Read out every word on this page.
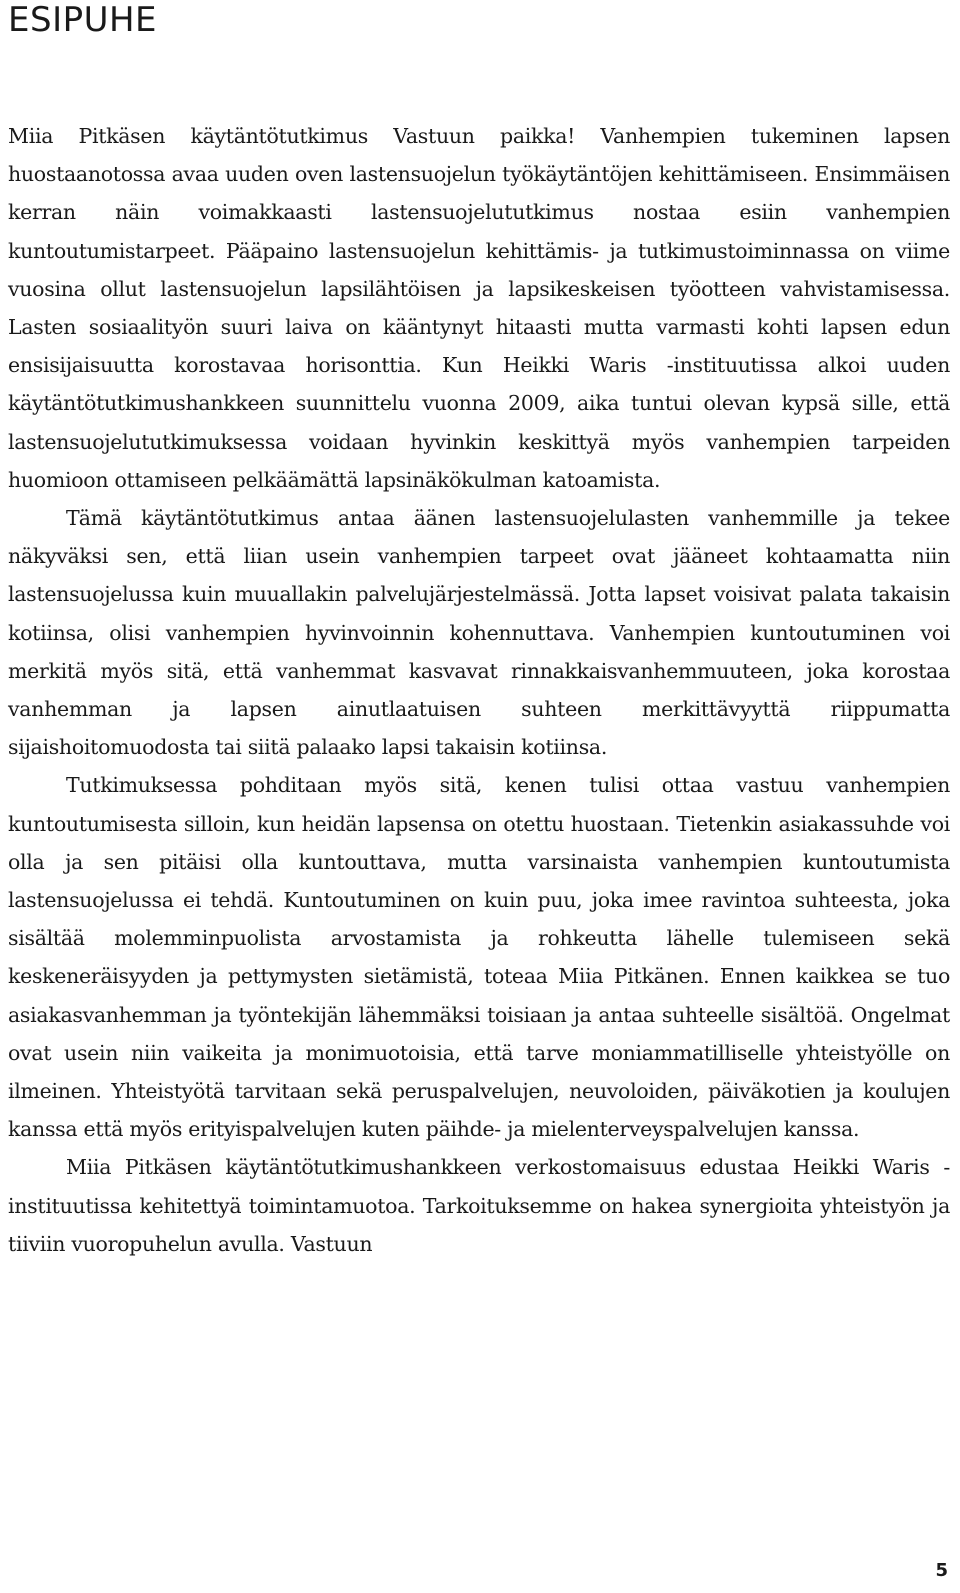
ESIPUHE

Miia Pitkäsen käytäntötutkimus Vastuun paikka! Vanhempien tukeminen lapsen huostaanotossa avaa uuden oven lastensuojelun työkäytäntöjen kehittämiseen. Ensimmäisen kerran näin voimakkaasti lastensuojelututkimus nostaa esiin vanhempien kuntoutumistarpeet. Pääpaino lastensuojelun kehittämis- ja tutkimustoiminnassa on viime vuosina ollut lastensuojelun lapsilähtöisen ja lapsikeskeisen työotteen vahvistamisessa. Lasten sosiaalityön suuri laiva on kääntynyt hitaasti mutta varmasti kohti lapsen edun ensisijaisuutta korostavaa horisonttia. Kun Heikki Waris -instituutissa alkoi uuden käytäntötutkimushankkeen suunnittelu vuonna 2009, aika tuntui olevan kypsä sille, että lastensuojelututkimuksessa voidaan hyvinkin keskittyä myös vanhempien tarpeiden huomioon ottamiseen pelkäämättä lapsinäkökulman katoamista.

Tämä käytäntötutkimus antaa äänen lastensuojelulasten vanhemmille ja tekee näkyväksi sen, että liian usein vanhempien tarpeet ovat jääneet kohtaamatta niin lastensuojelussa kuin muuallakin palvelujärjestelmässä. Jotta lapset voisivat palata takaisin kotiinsa, olisi vanhempien hyvinvoinnin kohennuttava. Vanhempien kuntoutuminen voi merkitä myös sitä, että vanhemmat kasvavat rinnakkaisvanhemmuuteen, joka korostaa vanhemman ja lapsen ainutlaatuisen suhteen merkittävyyttä riippumatta sijaishoitomuodosta tai siitä palaako lapsi takaisin kotiinsa.

Tutkimuksessa pohditaan myös sitä, kenen tulisi ottaa vastuu vanhempien kuntoutumisesta silloin, kun heidän lapsensa on otettu huostaan. Tietenkin asiakassuhde voi olla ja sen pitäisi olla kuntouttava, mutta varsinaista vanhempien kuntoutumista lastensuojelussa ei tehdä. Kuntoutuminen on kuin puu, joka imee ravintoa suhteesta, joka sisältää molemminpuolista arvostamista ja rohkeutta lähelle tulemiseen sekä keskeneräisyyden ja pettymysten sietämistä, toteaa Miia Pitkänen. Ennen kaikkea se tuo asiakasvanhemman ja työntekijän lähemmäksi toisiaan ja antaa suhteelle sisältöä. Ongelmat ovat usein niin vaikeita ja monimuotoisia, että tarve moniammatilliselle yhteistyölle on ilmeinen. Yhteistyötä tarvitaan sekä peruspalvelujen, neuvoloiden, päiväkotien ja koulujen kanssa että myös erityispalvelujen kuten päihde- ja mielenterveyspalvelujen kanssa.

Miia Pitkäsen käytäntötutkimushankkeen verkostomaisuus edustaa Heikki Waris -instituutissa kehitettyä toimintamuotoa. Tarkoituksemme on hakea synergioita yhteistyön ja tiiviin vuoropuhelun avulla. Vastuun

5
